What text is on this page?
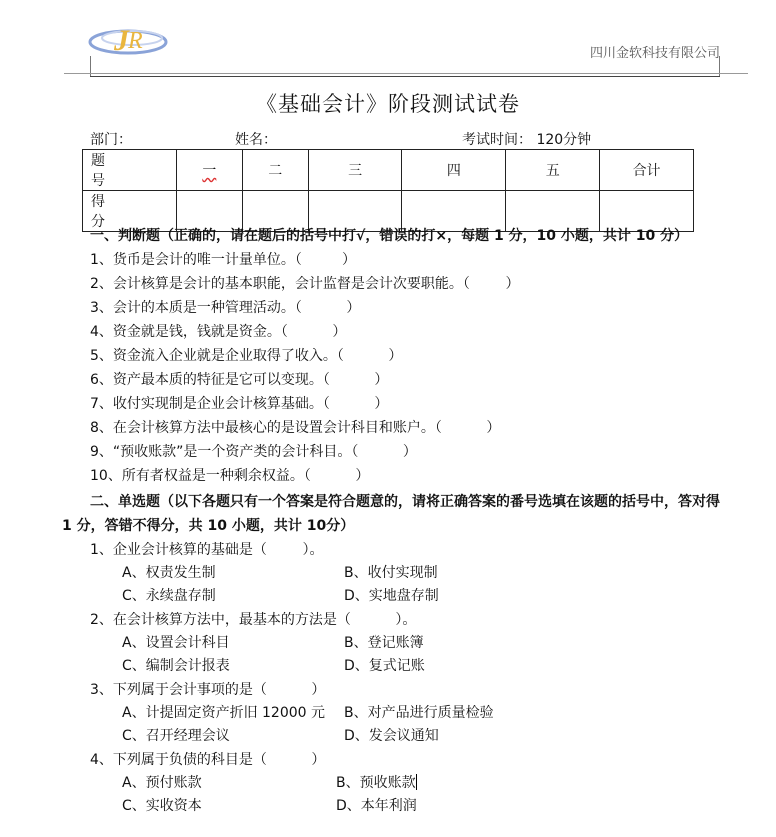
J R	四川金软科技有限公司
《基础会计》阶段测试试卷
部门：	姓名：	考试时间： 120分钟
题 号	一	二	三	四	五	合计
得 分						
一、判断题（正确的，请在题后的括号中打√，错误的打×，每题 1 分，10 小题，共计 10 分）
1、货币是会计的唯一计量单位。（         ）
2、会计核算是会计的基本职能，会计监督是会计次要职能。（        ）
3、会计的本质是一种管理活动。（          ）
4、资金就是钱，钱就是资金。（          ）
5、资金流入企业就是企业取得了收入。（          ）
6、资产最本质的特征是它可以变现。（          ）
7、收付实现制是企业会计核算基础。（          ）
8、在会计核算方法中最核心的是设置会计科目和账户。（          ）
9、“预收账款”是一个资产类的会计科目。（          ）
10、所有者权益是一种剩余权益。（          ）
二、单选题（以下各题只有一个答案是符合题意的，请将正确答案的番号选填在该题的括号中，答对得 1 分，答错不得分，共 10 小题，共计 10分）
1、企业会计核算的基础是（        ）。
A、权责发生制	B、收付实现制
C、永续盘存制	D、实地盘存制
2、在会计核算方法中，最基本的方法是（          ）。
A、设置会计科目	B、登记账簿
C、编制会计报表	D、复式记账
3、下列属于会计事项的是（          ）
A、计提固定资产折旧 12000 元	B、对产品进行质量检验
C、召开经理会议	D、发会议通知
4、下列属于负债的科目是（          ）
A、预付账款	B、预收账款
C、实收资本	D、本年利润
